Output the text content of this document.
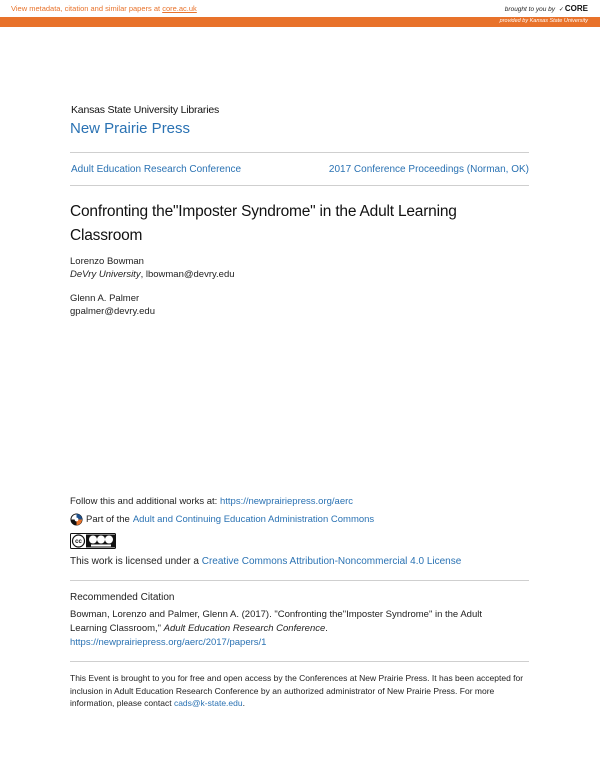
View metadata, citation and similar papers at core.ac.uk	brought to you by ✓CORE
provided by Kansas State University
Kansas State University Libraries
New Prairie Press
Adult Education Research Conference	2017 Conference Proceedings (Norman, OK)
Confronting the"Imposter Syndrome" in the Adult Learning Classroom
Lorenzo Bowman
DeVry University, lbowman@devry.edu
Glenn A. Palmer
gpalmer@devry.edu
Follow this and additional works at: https://newprairiepress.org/aerc
Part of the Adult and Continuing Education Administration Commons
cc
This work is licensed under a Creative Commons Attribution-Noncommercial 4.0 License
Recommended Citation
Bowman, Lorenzo and Palmer, Glenn A. (2017). "Confronting the"Imposter Syndrome" in the Adult Learning Classroom," Adult Education Research Conference. https://newprairiepress.org/aerc/2017/papers/1
This Event is brought to you for free and open access by the Conferences at New Prairie Press. It has been accepted for inclusion in Adult Education Research Conference by an authorized administrator of New Prairie Press. For more information, please contact cads@k-state.edu.
